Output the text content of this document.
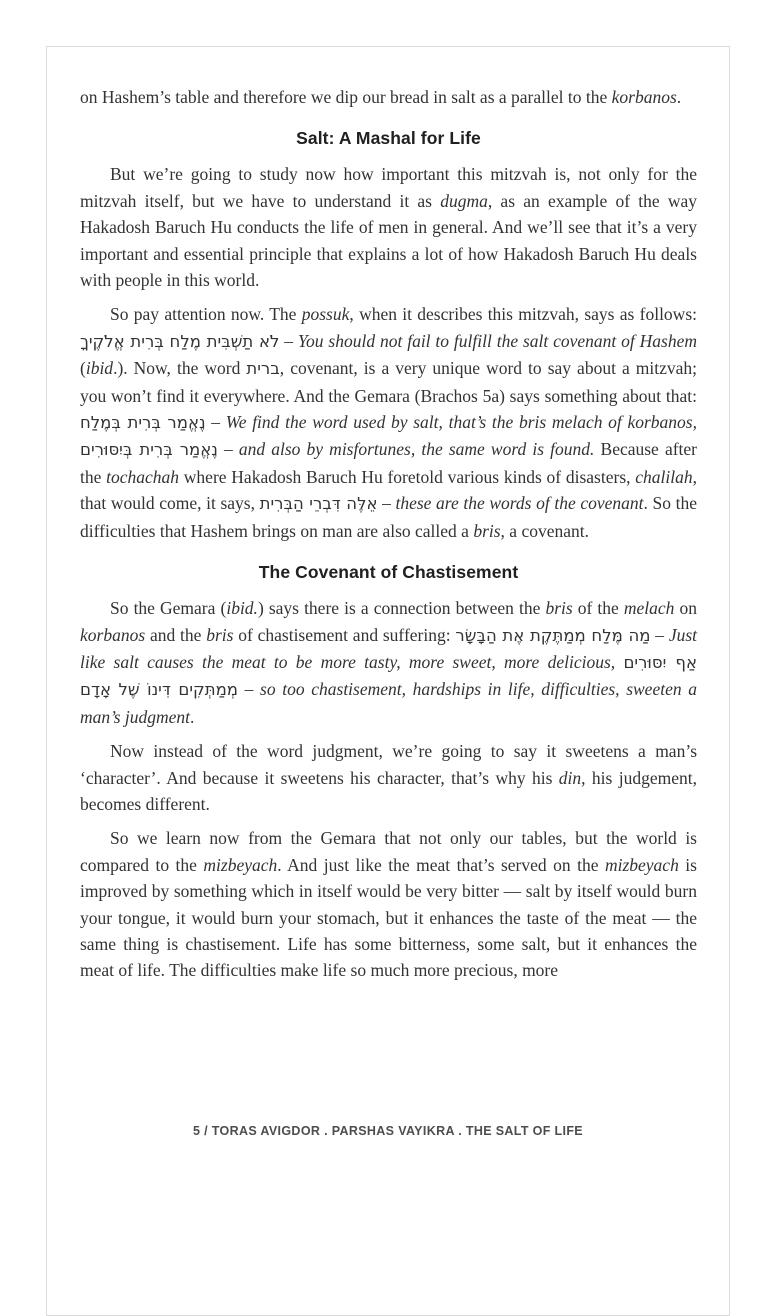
on Hashem’s table and therefore we dip our bread in salt as a parallel to the korbanos.

Salt: A Mashal for Life

But we’re going to study now how important this mitzvah is, not only for the mitzvah itself, but we have to understand it as dugma, as an example of the way Hakadosh Baruch Hu conducts the life of men in general. And we’ll see that it’s a very important and essential principle that explains a lot of how Hakadosh Baruch Hu deals with people in this world.

So pay attention now. The possuk, when it describes this mitzvah, says as follows: לֹא תַשְׁבִּית מֶלַח בְּרִית אֱלֹקֶיךָ – You should not fail to fulfill the salt covenant of Hashem (ibid.). Now, the word ברית, covenant, is a very unique word to say about a mitzvah; you won’t find it everywhere. And the Gemara (Brachos 5a) says something about that: נֶאֱמַר בְּרִית בְּמֶלַח – We find the word used by salt, that’s the bris melach of korbanos, נֶאֱמַר בְּרִית בְּיִסּוּרִים – and also by misfortunes, the same word is found. Because after the tochachah where Hakadosh Baruch Hu foretold various kinds of disasters, chalilah, that would come, it says, אֵלֶּה דִּבְרֵי הַבְּרִית – these are the words of the covenant. So the difficulties that Hashem brings on man are also called a bris, a covenant.

The Covenant of Chastisement

So the Gemara (ibid.) says there is a connection between the bris of the melach on korbanos and the bris of chastisement and suffering: מַה מֶּלַח מְמַתֶּקֶת אֶת הַבָּשָׂר – Just like salt causes the meat to be more tasty, more sweet, more delicious, אַף יִסּוּרִים מְמַתְּקִים דִּינוֹ שֶׁל אָדָם – so too chastisement, hardships in life, difficulties, sweeten a man’s judgment.

Now instead of the word judgment, we’re going to say it sweetens a man’s ‘character’. And because it sweetens his character, that’s why his din, his judgement, becomes different.

So we learn now from the Gemara that not only our tables, but the world is compared to the mizbeyach. And just like the meat that’s served on the mizbeyach is improved by something which in itself would be very bitter — salt by itself would burn your tongue, it would burn your stomach, but it enhances the taste of the meat — the same thing is chastisement. Life has some bitterness, some salt, but it enhances the meat of life. The difficulties make life so much more precious, more

5 / TORAS AVIGDOR . PARSHAS VAYIKRA . THE SALT OF LIFE
